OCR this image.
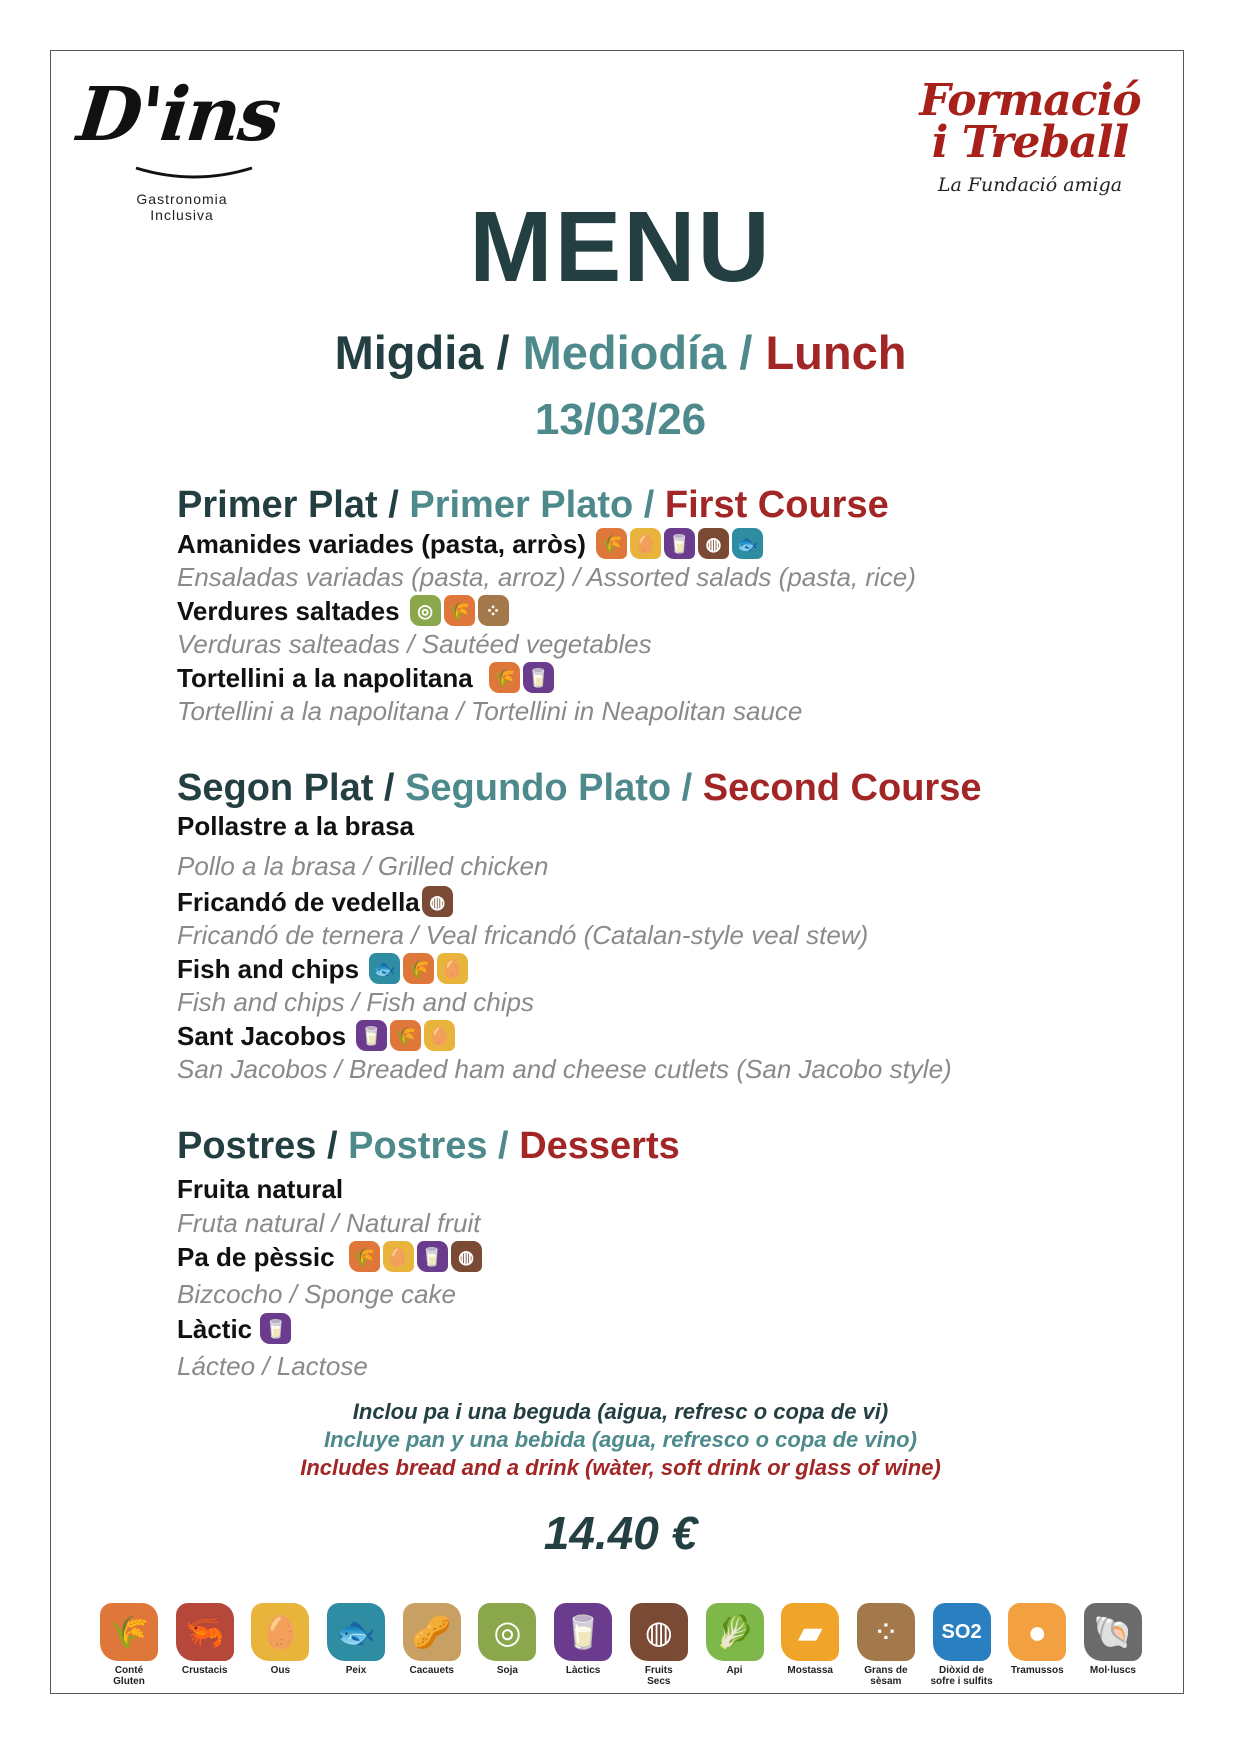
D'ins
Gastronomia
Inclusiva
Formació
i Treball
La Fundació amiga
MENU
Migdia / Mediodía / Lunch
13/03/26
Primer Plat / Primer Plato / First Course
Amanides variades (pasta, arròs) 🌾 🥚 🥛 ◍ 🐟
Ensaladas variadas (pasta, arroz) / Assorted salads (pasta, rice)
Verdures saltades ◎ 🌾 ⁘
Verduras salteadas / Sautéed vegetables
Tortellini a la napolitana 🌾 🥛
Tortellini a la napolitana / Tortellini in Neapolitan sauce
Segon Plat / Segundo Plato / Second Course
Pollastre a la brasa
Pollo a la brasa / Grilled chicken
Fricandó de vedella ◍
Fricandó de ternera / Veal fricandó (Catalan-style veal stew)
Fish and chips 🐟 🌾 🥚
Fish and chips / Fish and chips
Sant Jacobos 🥛 🌾 🥚
San Jacobos / Breaded ham and cheese cutlets (San Jacobo style)
Postres / Postres / Desserts
Fruita natural
Fruta natural / Natural fruit
Pa de pèssic 🌾 🥚 🥛 ◍
Bizcocho / Sponge cake
Làctic 🥛
Lácteo / Lactose
Inclou pa i una beguda (aigua, refresc o copa de vi)
Incluye pan y una bebida (agua, refresco o copa de vino)
Includes bread and a drink (wàter, soft drink or glass of wine)
14.40 €
🌾
Conté
Gluten
🦐
Crustacis
🥚
Ous
🐟
Peix
🥜
Cacauets
◎
Soja
🥛
Làctics
◍
Fruits
Secs
🥬
Api
▰
Mostassa
⁘
Grans de
sèsam
SO2
Diòxid de
sofre i sulfits
●
Tramussos
🐚
Mol·luscs
